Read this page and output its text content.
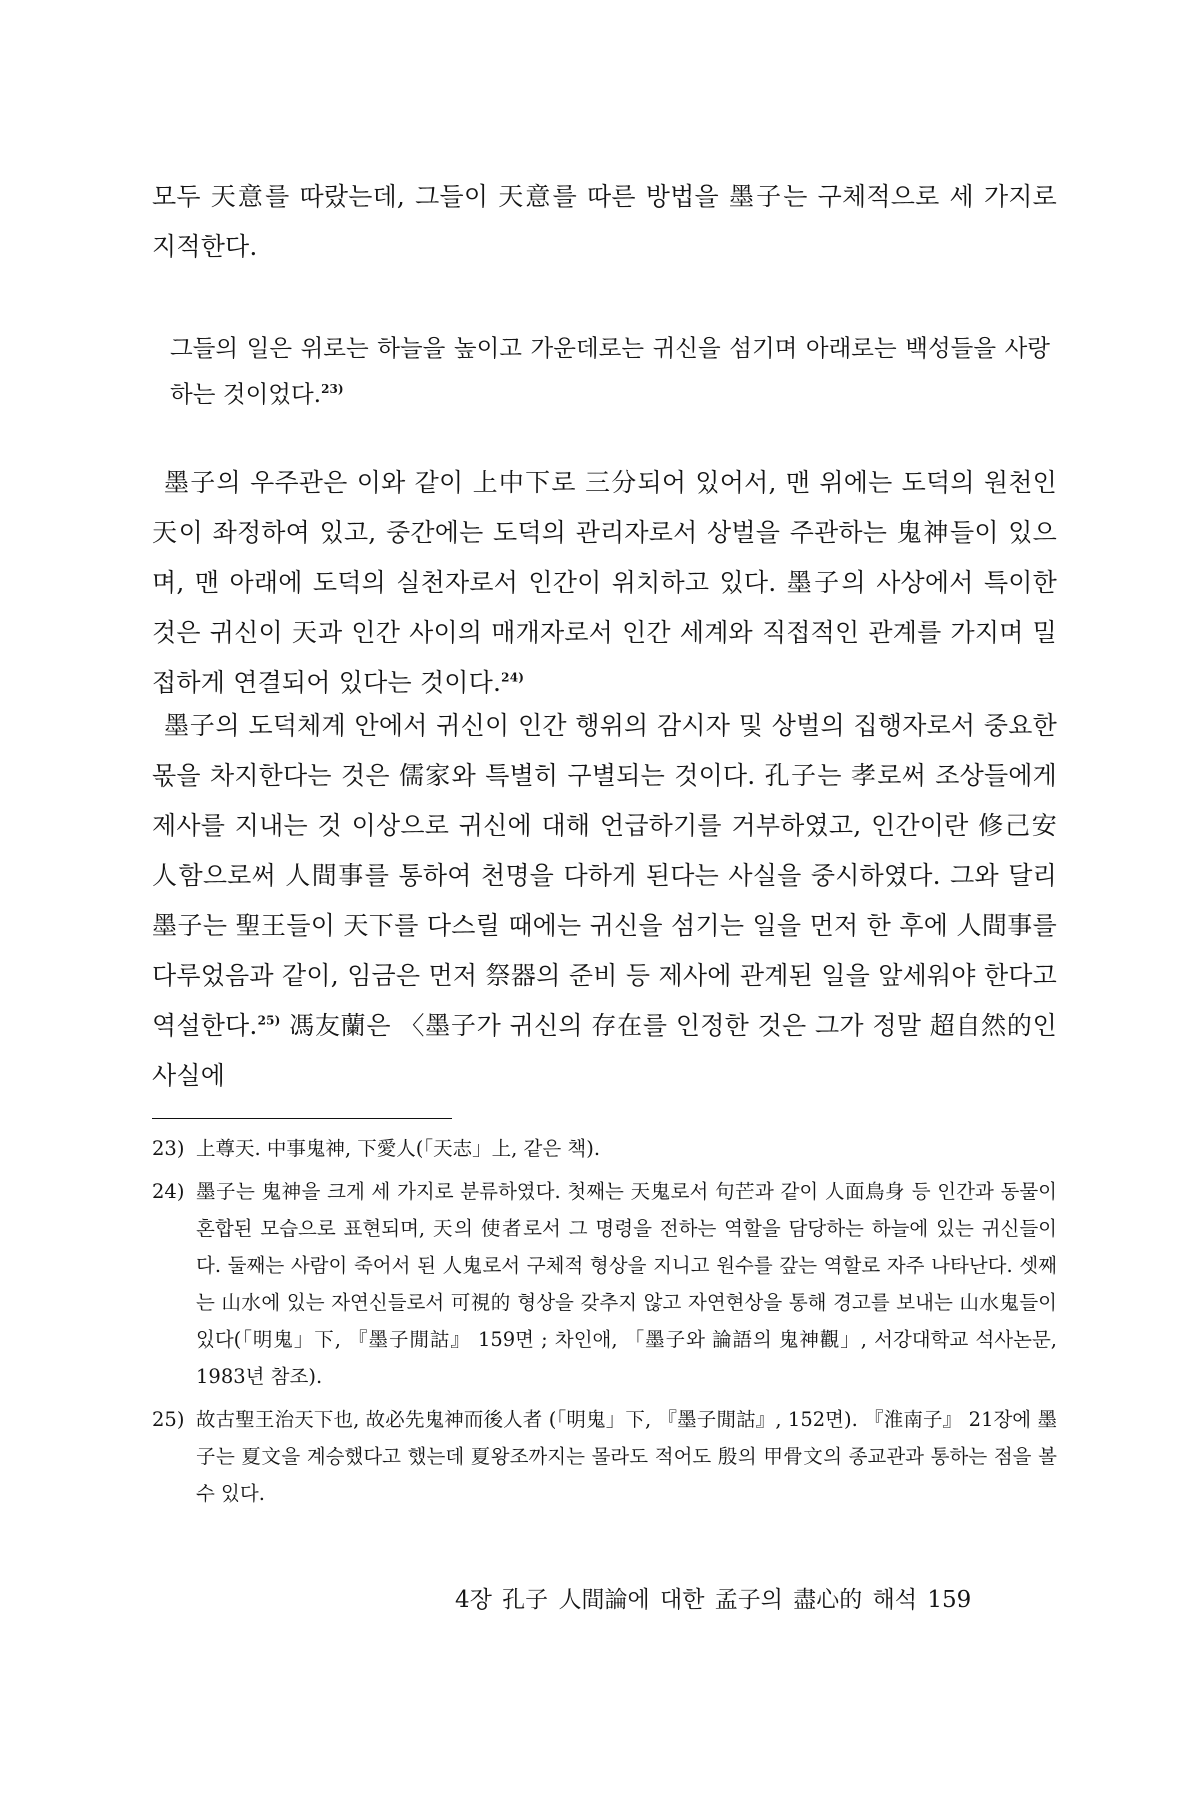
모두 天意를 따랐는데, 그들이 天意를 따른 방법을 墨子는 구체적으로 세 가지로 지적한다.

그들의 일은 위로는 하늘을 높이고 가운데로는 귀신을 섬기며 아래로는 백성들을 사랑하는 것이었다.$^{23)}$

墨子의 우주관은 이와 같이 上中下로 三分되어 있어서, 맨 위에는 도덕의 원천인 天이 좌정하여 있고, 중간에는 도덕의 관리자로서 상벌을 주관하는 鬼神들이 있으며, 맨 아래에 도덕의 실천자로서 인간이 위치하고 있다. 墨子의 사상에서 특이한 것은 귀신이 天과 인간 사이의 매개자로서 인간 세계와 직접적인 관계를 가지며 밀접하게 연결되어 있다는 것이다.$^{24)}$

墨子의 도덕체계 안에서 귀신이 인간 행위의 감시자 및 상벌의 집행자로서 중요한 몫을 차지한다는 것은 儒家와 특별히 구별되는 것이다. 孔子는 孝로써 조상들에게 제사를 지내는 것 이상으로 귀신에 대해 언급하기를 거부하였고, 인간이란 修己安人함으로써 人間事를 통하여 천명을 다하게 된다는 사실을 중시하였다. 그와 달리 墨子는 聖王들이 天下를 다스릴 때에는 귀신을 섬기는 일을 먼저 한 후에 人間事를 다루었음과 같이, 임금은 먼저 祭器의 준비 등 제사에 관계된 일을 앞세워야 한다고 역설한다.$^{25)}$ 馮友蘭은 〈墨子가 귀신의 存在를 인정한 것은 그가 정말 超自然的인 사실에

23) 上尊天. 中事鬼神, 下愛人(「天志」上, 같은 책).
24) 墨子는 鬼神을 크게 세 가지로 분류하였다. 첫째는 天鬼로서 句芒과 같이 人面鳥身 등 인간과 동물이 혼합된 모습으로 표현되며, 天의 使者로서 그 명령을 전하는 역할을 담당하는 하늘에 있는 귀신들이다. 둘째는 사람이 죽어서 된 人鬼로서 구체적 형상을 지니고 원수를 갚는 역할로 자주 나타난다. 셋째는 山水에 있는 자연신들로서 可視的 형상을 갖추지 않고 자연현상을 통해 경고를 보내는 山水鬼들이 있다(「明鬼」下, 『墨子閒詁』 159면 ; 차인애, 「墨子와 論語의 鬼神觀」, 서강대학교 석사논문, 1983년 참조).
25) 故古聖王治天下也, 故必先鬼神而後人者 (「明鬼」下, 『墨子閒詁』, 152면). 『淮南子』 21장에 墨子는 夏文을 계승했다고 했는데 夏왕조까지는 몰라도 적어도 殷의 甲骨文의 종교관과 통하는 점을 볼 수 있다.
4장 孔子 人間論에 대한 孟子의 盡心的 해석 159
